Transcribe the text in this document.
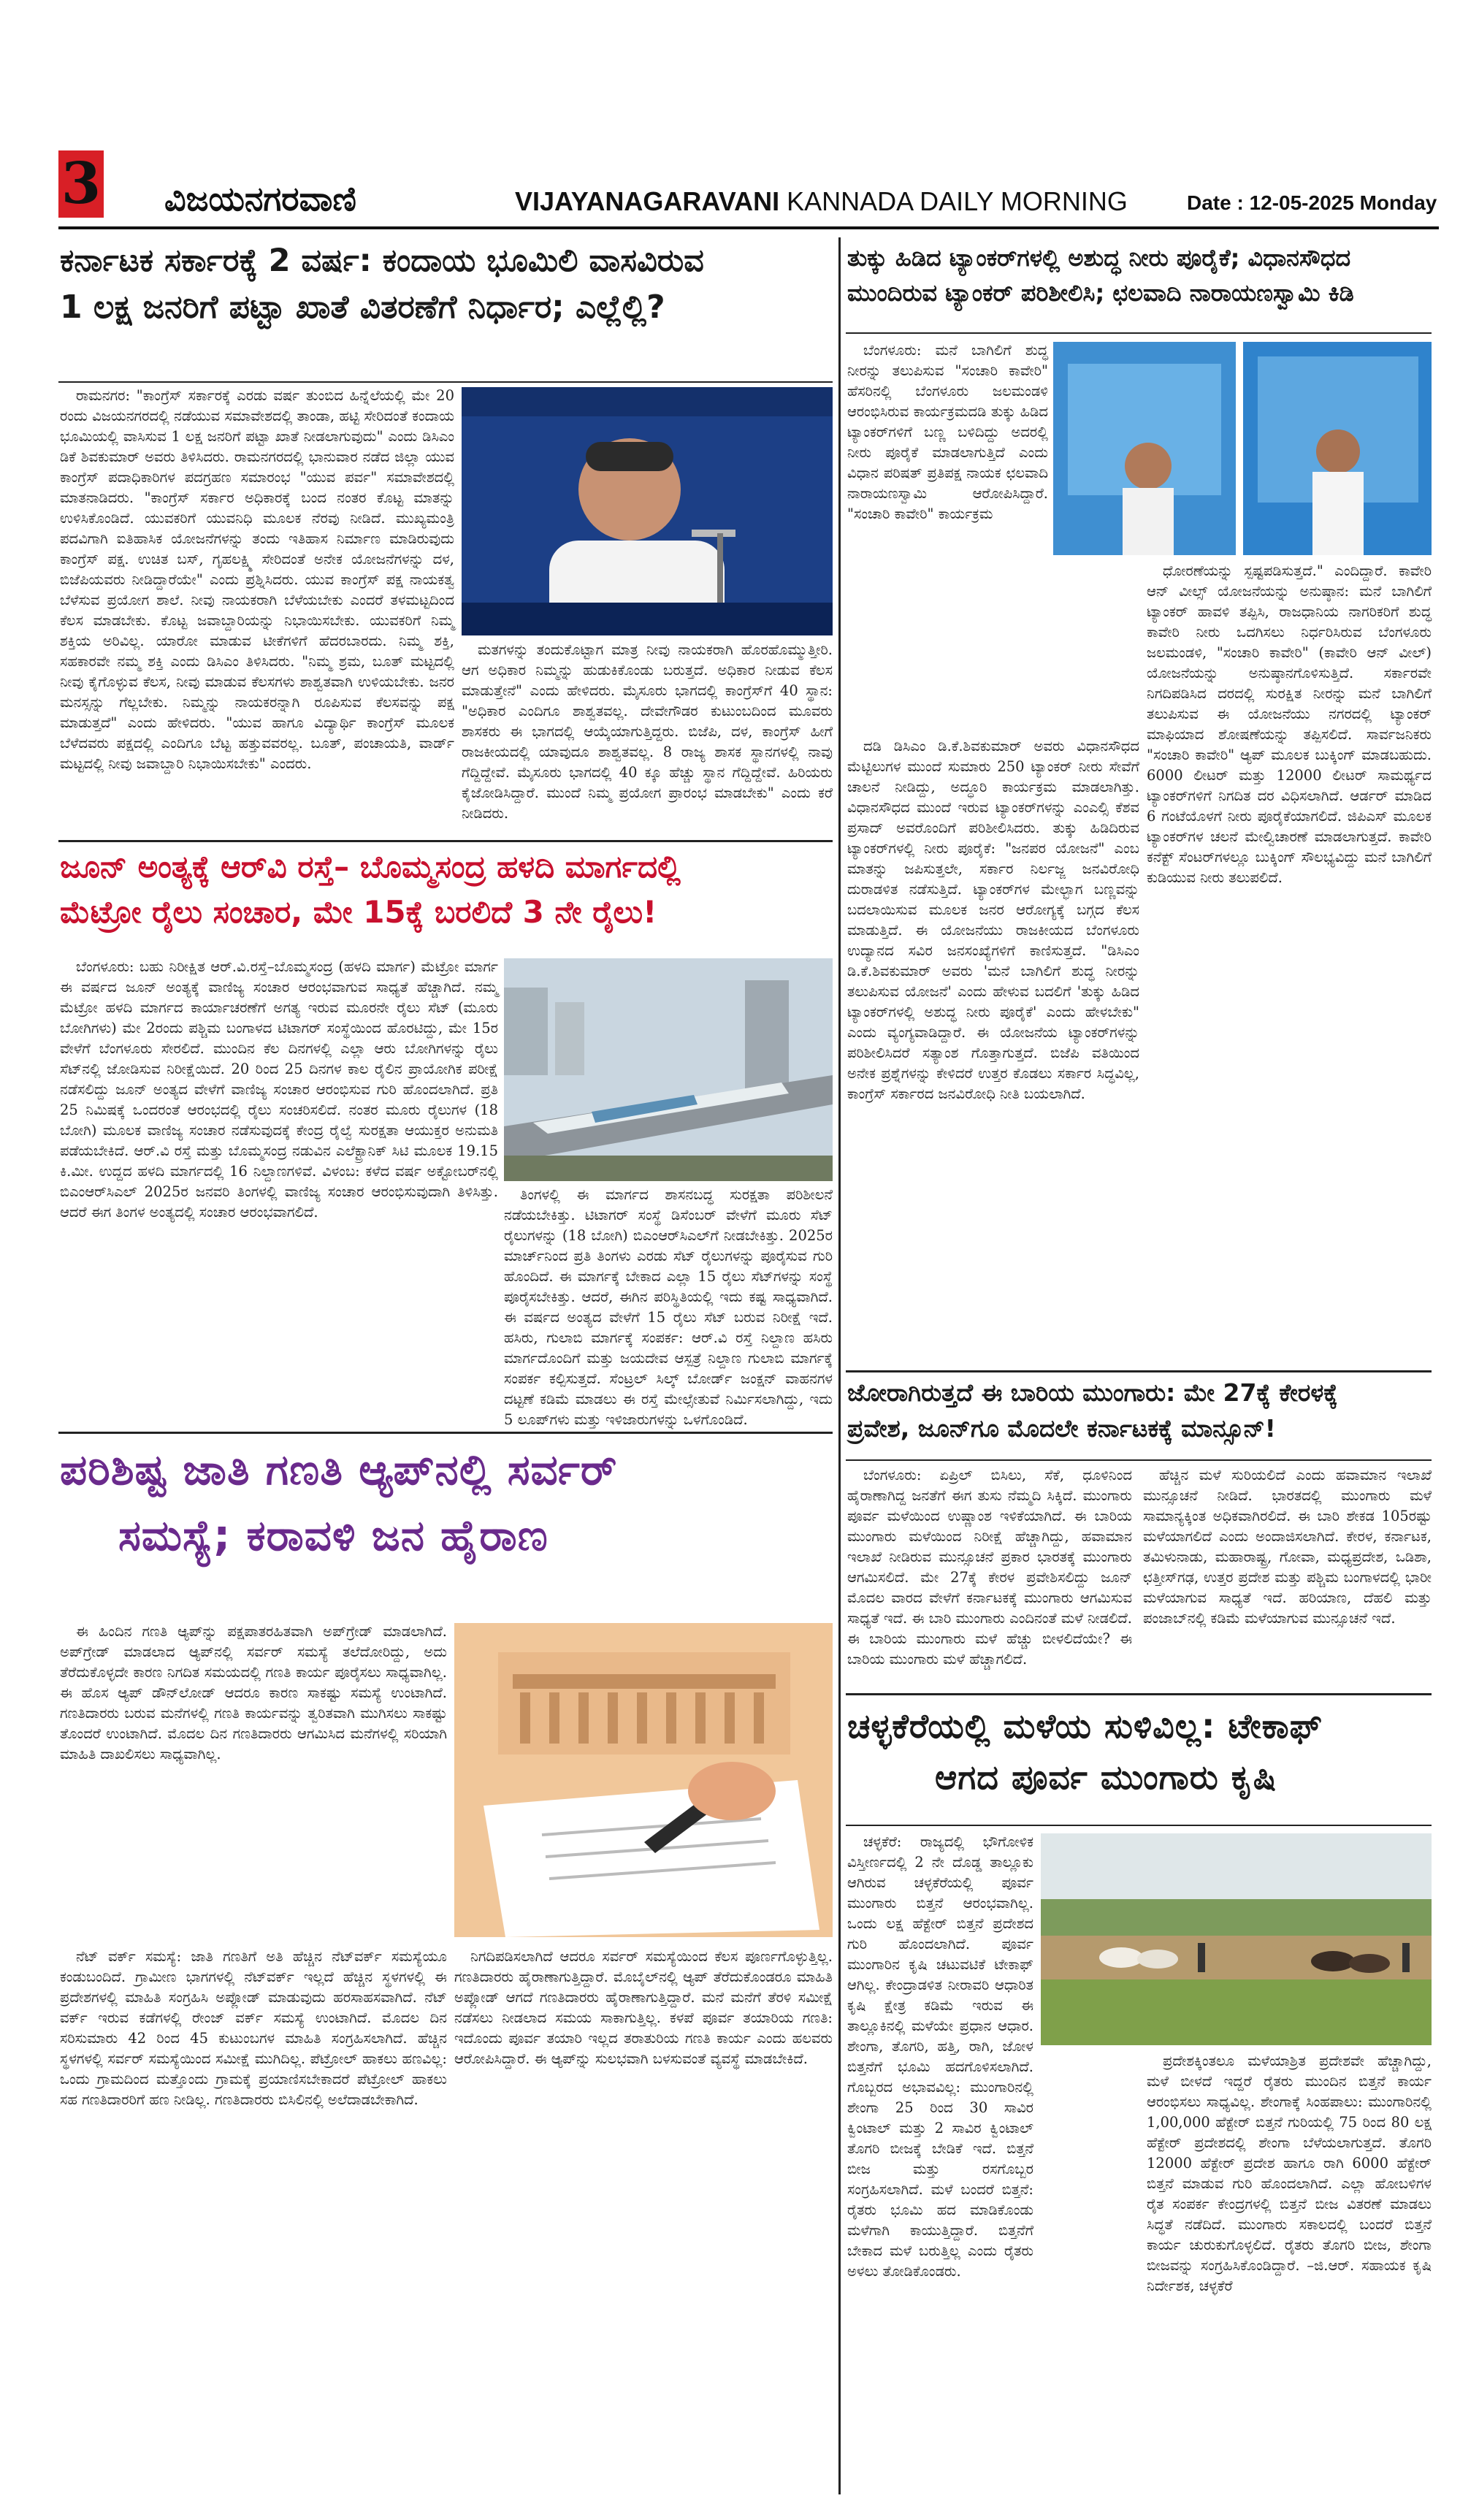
3 ವಿಜಯನಗರವಾಣಿ	VIJAYANAGARAVANI KANNADA DAILY MORNING	Date : 12-05-2025 Monday
ಕರ್ನಾಟಕ ಸರ್ಕಾರಕ್ಕೆ 2 ವರ್ಷ: ಕಂದಾಯ ಭೂಮಿಲಿ ವಾಸವಿರುವ
1 ಲಕ್ಷ ಜನರಿಗೆ ಪಟ್ಟಾ ಖಾತೆ ವಿತರಣೆಗೆ ನಿರ್ಧಾರ; ಎಲ್ಲೆಲ್ಲಿ?

ರಾಮನಗರ: "ಕಾಂಗ್ರೆಸ್ ಸರ್ಕಾರಕ್ಕೆ ಎರಡು ವರ್ಷ ತುಂಬಿದ ಹಿನ್ನೆಲೆಯಲ್ಲಿ ಮೇ 20 ರಂದು ವಿಜಯನಗರದಲ್ಲಿ ನಡೆಯುವ ಸಮಾವೇಶದಲ್ಲಿ ತಾಂಡಾ, ಹಟ್ಟಿ ಸೇರಿದಂತೆ ಕಂದಾಯ ಭೂಮಿಯಲ್ಲಿ ವಾಸಿಸುವ 1 ಲಕ್ಷ ಜನರಿಗೆ ಪಟ್ಟಾ ಖಾತೆ ನೀಡಲಾಗುವುದು" ಎಂದು ಡಿಸಿಎಂ ಡಿಕೆ ಶಿವಕುಮಾರ್ ಅವರು ತಿಳಿಸಿದರು. ರಾಮನಗರದಲ್ಲಿ ಭಾನುವಾರ ನಡೆದ ಜಿಲ್ಲಾ ಯುವ ಕಾಂಗ್ರೆಸ್ ಪದಾಧಿಕಾರಿಗಳ ಪದಗ್ರಹಣ ಸಮಾರಂಭ "ಯುವ ಪರ್ವ" ಸಮಾವೇಶದಲ್ಲಿ ಮಾತನಾಡಿದರು. "ಕಾಂಗ್ರೆಸ್ ಸರ್ಕಾರ ಅಧಿಕಾರಕ್ಕೆ ಬಂದ ನಂತರ ಕೊಟ್ಟ ಮಾತನ್ನು ಉಳಿಸಿಕೊಂಡಿದೆ. ಯುವಕರಿಗೆ ಯುವನಿಧಿ ಮೂಲಕ ನೆರವು ನೀಡಿದೆ. ಮುಖ್ಯಮಂತ್ರಿ ಪದವಿಗಾಗಿ ಐತಿಹಾಸಿಕ ಯೋಜನೆಗಳನ್ನು ತಂದು ಇತಿಹಾಸ ನಿರ್ಮಾಣ ಮಾಡಿರುವುದು ಕಾಂಗ್ರೆಸ್ ಪಕ್ಷ. ಉಚಿತ ಬಸ್, ಗೃಹಲಕ್ಷ್ಮಿ ಸೇರಿದಂತೆ ಅನೇಕ ಯೋಜನೆಗಳನ್ನು ದಳ, ಬಿಜೆಪಿಯವರು ನೀಡಿದ್ದಾರೆಯೇ" ಎಂದು ಪ್ರಶ್ನಿಸಿದರು. ಯುವ ಕಾಂಗ್ರೆಸ್ ಪಕ್ಷ ನಾಯಕತ್ವ ಬೆಳೆಸುವ ಪ್ರಯೋಗ ಶಾಲೆ. ನೀವು ನಾಯಕರಾಗಿ ಬೆಳೆಯಬೇಕು ಎಂದರೆ ತಳಮಟ್ಟದಿಂದ ಕೆಲಸ ಮಾಡಬೇಕು. ಕೊಟ್ಟ ಜವಾಬ್ದಾರಿಯನ್ನು ನಿಭಾಯಿಸಬೇಕು. ಯುವಕರಿಗೆ ನಿಮ್ಮ ಶಕ್ತಿಯ ಅರಿವಿಲ್ಲ. ಯಾರೋ ಮಾಡುವ ಟೀಕೆಗಳಿಗೆ ಹೆದರಬಾರದು. ನಿಮ್ಮ ಶಕ್ತಿ, ಸಹಕಾರವೇ ನಮ್ಮ ಶಕ್ತಿ ಎಂದು ಡಿಸಿಎಂ ತಿಳಿಸಿದರು. "ನಿಮ್ಮ ಶ್ರಮ, ಬೂತ್ ಮಟ್ಟದಲ್ಲಿ ನೀವು ಕೈಗೊಳ್ಳುವ ಕೆಲಸ, ನೀವು ಮಾಡುವ ಕೆಲಸಗಳು ಶಾಶ್ವತವಾಗಿ ಉಳಿಯಬೇಕು. ಜನರ ಮನಸ್ಸನ್ನು ಗೆಲ್ಲಬೇಕು. ನಿಮ್ಮನ್ನು ನಾಯಕರನ್ನಾಗಿ ರೂಪಿಸುವ ಕೆಲಸವನ್ನು ಪಕ್ಷ ಮಾಡುತ್ತದೆ" ಎಂದು ಹೇಳಿದರು. "ಯುವ ಹಾಗೂ ವಿದ್ಯಾರ್ಥಿ ಕಾಂಗ್ರೆಸ್ ಮೂಲಕ ಬೆಳೆದವರು ಪಕ್ಷದಲ್ಲಿ ಎಂದಿಗೂ ಬೆಟ್ಟ ಹತ್ತುವವರಲ್ಲ. ಬೂತ್, ಪಂಚಾಯತಿ, ವಾರ್ಡ್ ಮಟ್ಟದಲ್ಲಿ ನೀವು ಜವಾಬ್ದಾರಿ ನಿಭಾಯಿಸಬೇಕು" ಎಂದರು.

ಮತಗಳನ್ನು ತಂದುಕೊಟ್ಟಾಗ ಮಾತ್ರ ನೀವು ನಾಯಕರಾಗಿ ಹೊರಹೊಮ್ಮುತ್ತೀರಿ. ಆಗ ಅಧಿಕಾರ ನಿಮ್ಮನ್ನು ಹುಡುಕಿಕೊಂಡು ಬರುತ್ತದೆ. ಅಧಿಕಾರ ನೀಡುವ ಕೆಲಸ ಮಾಡುತ್ತೇನೆ" ಎಂದು ಹೇಳಿದರು. ಮೈಸೂರು ಭಾಗದಲ್ಲಿ ಕಾಂಗ್ರೆಸ್‌ಗೆ 40 ಸ್ಥಾನ: "ಅಧಿಕಾರ ಎಂದಿಗೂ ಶಾಶ್ವತವಲ್ಲ. ದೇವೇಗೌಡರ ಕುಟುಂಬದಿಂದ ಮೂವರು ಶಾಸಕರು ಈ ಭಾಗದಲ್ಲಿ ಆಯ್ಕೆಯಾಗುತ್ತಿದ್ದರು. ಬಿಜೆಪಿ, ದಳ, ಕಾಂಗ್ರೆಸ್ ಹೀಗೆ ರಾಜಕೀಯದಲ್ಲಿ ಯಾವುದೂ ಶಾಶ್ವತವಲ್ಲ. 8 ರಾಜ್ಯ ಶಾಸಕ ಸ್ಥಾನಗಳಲ್ಲಿ ನಾವು ಗೆದ್ದಿದ್ದೇವೆ. ಮೈಸೂರು ಭಾಗದಲ್ಲಿ 40 ಕ್ಕೂ ಹೆಚ್ಚು ಸ್ಥಾನ ಗೆದ್ದಿದ್ದೇವೆ. ಹಿರಿಯರು ಕೈಜೋಡಿಸಿದ್ದಾರೆ. ಮುಂದೆ ನಿಮ್ಮ ಪ್ರಯೋಗ ಪ್ರಾರಂಭ ಮಾಡಬೇಕು" ಎಂದು ಕರೆ ನೀಡಿದರು.

ಜೂನ್ ಅಂತ್ಯಕ್ಕೆ ಆರ್‌ವಿ ರಸ್ತೆ– ಬೊಮ್ಮಸಂದ್ರ ಹಳದಿ ಮಾರ್ಗದಲ್ಲಿ
ಮೆಟ್ರೋ ರೈಲು ಸಂಚಾರ, ಮೇ 15ಕ್ಕೆ ಬರಲಿದೆ 3 ನೇ ರೈಲು!

ಬೆಂಗಳೂರು: ಬಹು ನಿರೀಕ್ಷಿತ ಆರ್.ವಿ.ರಸ್ತೆ–ಬೊಮ್ಮಸಂದ್ರ (ಹಳದಿ ಮಾರ್ಗ) ಮೆಟ್ರೋ ಮಾರ್ಗ ಈ ವರ್ಷದ ಜೂನ್ ಅಂತ್ಯಕ್ಕೆ ವಾಣಿಜ್ಯ ಸಂಚಾರ ಆರಂಭವಾಗುವ ಸಾಧ್ಯತೆ ಹೆಚ್ಚಾಗಿದೆ. ನಮ್ಮ ಮೆಟ್ರೋ ಹಳದಿ ಮಾರ್ಗದ ಕಾರ್ಯಾಚರಣೆಗೆ ಅಗತ್ಯ ಇರುವ ಮೂರನೇ ರೈಲು ಸೆಟ್ (ಮೂರು ಬೋಗಿಗಳು) ಮೇ 2ರಂದು ಪಶ್ಚಿಮ ಬಂಗಾಳದ ಟಿಟಾಗರ್ ಸಂಸ್ಥೆಯಿಂದ ಹೊರಟಿದ್ದು, ಮೇ 15ರ ವೇಳೆಗೆ ಬೆಂಗಳೂರು ಸೇರಲಿದೆ. ಮುಂದಿನ ಕೆಲ ದಿನಗಳಲ್ಲಿ ಎಲ್ಲಾ ಆರು ಬೋಗಿಗಳನ್ನು ರೈಲು ಸೆಟ್‌ನಲ್ಲಿ ಜೋಡಿಸುವ ನಿರೀಕ್ಷೆಯಿದೆ. 20 ರಿಂದ 25 ದಿನಗಳ ಕಾಲ ರೈಲಿನ ಪ್ರಾಯೋಗಿಕ ಪರೀಕ್ಷೆ ನಡೆಸಲಿದ್ದು ಜೂನ್ ಅಂತ್ಯದ ವೇಳೆಗೆ ವಾಣಿಜ್ಯ ಸಂಚಾರ ಆರಂಭಿಸುವ ಗುರಿ ಹೊಂದಲಾಗಿದೆ. ಪ್ರತಿ 25 ನಿಮಿಷಕ್ಕೆ ಒಂದರಂತೆ ಆರಂಭದಲ್ಲಿ ರೈಲು ಸಂಚರಿಸಲಿದೆ. ನಂತರ ಮೂರು ರೈಲುಗಳ (18 ಬೋಗಿ) ಮೂಲಕ ವಾಣಿಜ್ಯ ಸಂಚಾರ ನಡೆಸುವುದಕ್ಕೆ ಕೇಂದ್ರ ರೈಲ್ವೆ ಸುರಕ್ಷತಾ ಆಯುಕ್ತರ ಅನುಮತಿ ಪಡೆಯಬೇಕಿದೆ. ಆರ್.ವಿ ರಸ್ತೆ ಮತ್ತು ಬೊಮ್ಮಸಂದ್ರ ನಡುವಿನ ಎಲೆಕ್ಟ್ರಾನಿಕ್ ಸಿಟಿ ಮೂಲಕ 19.15 ಕಿ.ಮೀ. ಉದ್ದದ ಹಳದಿ ಮಾರ್ಗದಲ್ಲಿ 16 ನಿಲ್ದಾಣಗಳಿವೆ. ವಿಳಂಬ: ಕಳೆದ ವರ್ಷ ಅಕ್ಟೋಬರ್‌ನಲ್ಲಿ ಬಿಎಂಆರ್‌ಸಿಎಲ್ 2025ರ ಜನವರಿ ತಿಂಗಳಲ್ಲಿ ವಾಣಿಜ್ಯ ಸಂಚಾರ ಆರಂಭಿಸುವುದಾಗಿ ತಿಳಿಸಿತ್ತು. ಆದರೆ ಈಗ ತಿಂಗಳ ಅಂತ್ಯದಲ್ಲಿ ಸಂಚಾರ ಆರಂಭವಾಗಲಿದೆ.

ತಿಂಗಳಲ್ಲಿ ಈ ಮಾರ್ಗದ ಶಾಸನಬದ್ಧ ಸುರಕ್ಷತಾ ಪರಿಶೀಲನೆ ನಡೆಯಬೇಕಿತ್ತು. ಟಿಟಾಗರ್ ಸಂಸ್ಥೆ ಡಿಸೆಂಬರ್ ವೇಳೆಗೆ ಮೂರು ಸೆಟ್ ರೈಲುಗಳನ್ನು (18 ಬೋಗಿ) ಬಿಎಂಆರ್‌ಸಿಎಲ್‌ಗೆ ನೀಡಬೇಕಿತ್ತು. 2025ರ ಮಾರ್ಚ್‌ನಿಂದ ಪ್ರತಿ ತಿಂಗಳು ಎರಡು ಸೆಟ್ ರೈಲುಗಳನ್ನು ಪೂರೈಸುವ ಗುರಿ ಹೊಂದಿದೆ. ಈ ಮಾರ್ಗಕ್ಕೆ ಬೇಕಾದ ಎಲ್ಲಾ 15 ರೈಲು ಸೆಟ್‌ಗಳನ್ನು ಸಂಸ್ಥೆ ಪೂರೈಸಬೇಕಿತ್ತು. ಆದರೆ, ಈಗಿನ ಪರಿಸ್ಥಿತಿಯಲ್ಲಿ ಇದು ಕಷ್ಟ ಸಾಧ್ಯವಾಗಿದೆ. ಈ ವರ್ಷದ ಅಂತ್ಯದ ವೇಳೆಗೆ 15 ರೈಲು ಸೆಟ್ ಬರುವ ನಿರೀಕ್ಷೆ ಇದೆ. ಹಸಿರು, ಗುಲಾಬಿ ಮಾರ್ಗಕ್ಕೆ ಸಂಪರ್ಕ: ಆರ್.ವಿ ರಸ್ತೆ ನಿಲ್ದಾಣ ಹಸಿರು ಮಾರ್ಗದೊಂದಿಗೆ ಮತ್ತು ಜಯದೇವ ಆಸ್ಪತ್ರೆ ನಿಲ್ದಾಣ ಗುಲಾಬಿ ಮಾರ್ಗಕ್ಕೆ ಸಂಪರ್ಕ ಕಲ್ಪಿಸುತ್ತದೆ. ಸೆಂಟ್ರಲ್ ಸಿಲ್ಕ್ ಬೋರ್ಡ್ ಜಂಕ್ಷನ್ ವಾಹನಗಳ ದಟ್ಟಣೆ ಕಡಿಮೆ ಮಾಡಲು ಈ ರಸ್ತೆ ಮೇಲ್ಸೇತುವೆ ನಿರ್ಮಿಸಲಾಗಿದ್ದು, ಇದು 5 ಲೂಪ್‌ಗಳು ಮತ್ತು ಇಳಿಜಾರುಗಳನ್ನು ಒಳಗೊಂಡಿದೆ.

ಪರಿಶಿಷ್ಟ ಜಾತಿ ಗಣತಿ ಆ್ಯಪ್‌ನಲ್ಲಿ ಸರ್ವರ್
ಸಮಸ್ಯೆ; ಕರಾವಳಿ ಜನ ಹೈರಾಣ

ಈ ಹಿಂದಿನ ಗಣತಿ ಆ್ಯಪ್‌ನ್ನು ಪಕ್ಷಪಾತರಹಿತವಾಗಿ ಅಪ್‌ಗ್ರೇಡ್ ಮಾಡಲಾಗಿದೆ. ಅಪ್‌ಗ್ರೇಡ್ ಮಾಡಲಾದ ಆ್ಯಪ್‌ನಲ್ಲಿ ಸರ್ವರ್ ಸಮಸ್ಯೆ ತಲೆದೋರಿದ್ದು, ಅದು ತೆರೆದುಕೊಳ್ಳದೇ ಕಾರಣ ನಿಗದಿತ ಸಮಯದಲ್ಲಿ ಗಣತಿ ಕಾರ್ಯ ಪೂರೈಸಲು ಸಾಧ್ಯವಾಗಿಲ್ಲ. ಈ ಹೊಸ ಆ್ಯಪ್ ಡೌನ್‌ಲೋಡ್ ಆದರೂ ಕಾರಣ ಸಾಕಷ್ಟು ಸಮಸ್ಯೆ ಉಂಟಾಗಿದೆ. ಗಣತಿದಾರರು ಬರುವ ಮನೆಗಳಲ್ಲಿ ಗಣತಿ ಕಾರ್ಯವನ್ನು ತ್ವರಿತವಾಗಿ ಮುಗಿಸಲು ಸಾಕಷ್ಟು ತೊಂದರೆ ಉಂಟಾಗಿದೆ. ಮೊದಲ ದಿನ ಗಣತಿದಾರರು ಆಗಮಿಸಿದ ಮನೆಗಳಲ್ಲಿ ಸರಿಯಾಗಿ ಮಾಹಿತಿ ದಾಖಲಿಸಲು ಸಾಧ್ಯವಾಗಿಲ್ಲ.

ನೆಟ್ ವರ್ಕ್ ಸಮಸ್ಯೆ: ಜಾತಿ ಗಣತಿಗೆ ಅತಿ ಹೆಚ್ಚಿನ ನೆಟ್‌ವರ್ಕ್ ಸಮಸ್ಯೆಯೂ ಕಂಡುಬಂದಿದೆ. ಗ್ರಾಮೀಣ ಭಾಗಗಳಲ್ಲಿ ನೆಟ್‌ವರ್ಕ್ ಇಲ್ಲದೆ ಹೆಚ್ಚಿನ ಸ್ಥಳಗಳಲ್ಲಿ ಈ ಪ್ರದೇಶಗಳಲ್ಲಿ ಮಾಹಿತಿ ಸಂಗ್ರಹಿಸಿ ಅಪ್ಲೋಡ್ ಮಾಡುವುದು ಹರಸಾಹಸವಾಗಿದೆ. ನೆಟ್ ವರ್ಕ್ ಇರುವ ಕಡೆಗಳಲ್ಲಿ ರೇಂಜ್ ವರ್ಕ್ ಸಮಸ್ಯೆ ಉಂಟಾಗಿದೆ. ಮೊದಲ ದಿನ ಸರಿಸುಮಾರು 42 ರಿಂದ 45 ಕುಟುಂಬಗಳ ಮಾಹಿತಿ ಸಂಗ್ರಹಿಸಲಾಗಿದೆ. ಹೆಚ್ಚಿನ ಸ್ಥಳಗಳಲ್ಲಿ ಸರ್ವರ್ ಸಮಸ್ಯೆಯಿಂದ ಸಮೀಕ್ಷೆ ಮುಗಿದಿಲ್ಲ. ಪೆಟ್ರೋಲ್ ಹಾಕಲು ಹಣವಿಲ್ಲ: ಒಂದು ಗ್ರಾಮದಿಂದ ಮತ್ತೊಂದು ಗ್ರಾಮಕ್ಕೆ ಪ್ರಯಾಣಿಸಬೇಕಾದರೆ ಪೆಟ್ರೋಲ್ ಹಾಕಲು ಸಹ ಗಣತಿದಾರರಿಗೆ ಹಣ ನೀಡಿಲ್ಲ. ಗಣತಿದಾರರು ಬಿಸಿಲಿನಲ್ಲಿ ಅಲೆದಾಡಬೇಕಾಗಿದೆ.

ನಿಗದಿಪಡಿಸಲಾಗಿದೆ ಆದರೂ ಸರ್ವರ್ ಸಮಸ್ಯೆಯಿಂದ ಕೆಲಸ ಪೂರ್ಣಗೊಳ್ಳುತ್ತಿಲ್ಲ. ಗಣತಿದಾರರು ಹೈರಾಣಾಗುತ್ತಿದ್ದಾರೆ. ಮೊಬೈಲ್‌ನಲ್ಲಿ ಆ್ಯಪ್ ತೆರೆದುಕೊಂಡರೂ ಮಾಹಿತಿ ಅಪ್ಲೋಡ್ ಆಗದೆ ಗಣತಿದಾರರು ಹೈರಾಣಾಗುತ್ತಿದ್ದಾರೆ. ಮನೆ ಮನೆಗೆ ತೆರಳಿ ಸಮೀಕ್ಷೆ ನಡೆಸಲು ನೀಡಲಾದ ಸಮಯ ಸಾಕಾಗುತ್ತಿಲ್ಲ. ಕಳಪೆ ಪೂರ್ವ ತಯಾರಿಯ ಗಣತಿ: ಇದೊಂದು ಪೂರ್ವ ತಯಾರಿ ಇಲ್ಲದ ತರಾತುರಿಯ ಗಣತಿ ಕಾರ್ಯ ಎಂದು ಹಲವರು ಆರೋಪಿಸಿದ್ದಾರೆ. ಈ ಆ್ಯಪ್‌ನ್ನು ಸುಲಭವಾಗಿ ಬಳಸುವಂತೆ ವ್ಯವಸ್ಥೆ ಮಾಡಬೇಕಿದೆ.

ತುಕ್ಕು ಹಿಡಿದ ಟ್ಯಾಂಕರ್‌ಗಳಲ್ಲಿ ಅಶುದ್ಧ ನೀರು ಪೂರೈಕೆ; ವಿಧಾನಸೌಧದ
ಮುಂದಿರುವ ಟ್ಯಾಂಕರ್ ಪರಿಶೀಲಿಸಿ; ಛಲವಾದಿ ನಾರಾಯಣಸ್ವಾಮಿ ಕಿಡಿ

ಬೆಂಗಳೂರು: ಮನೆ ಬಾಗಿಲಿಗೆ ಶುದ್ಧ ನೀರನ್ನು ತಲುಪಿಸುವ "ಸಂಚಾರಿ ಕಾವೇರಿ" ಹೆಸರಿನಲ್ಲಿ ಬೆಂಗಳೂರು ಜಲಮಂಡಳಿ ಆರಂಭಿಸಿರುವ ಕಾರ್ಯಕ್ರಮದಡಿ ತುಕ್ಕು ಹಿಡಿದ ಟ್ಯಾಂಕರ್‌ಗಳಿಗೆ ಬಣ್ಣ ಬಳಿದಿದ್ದು ಅದರಲ್ಲಿ ನೀರು ಪೂರೈಕೆ ಮಾಡಲಾಗುತ್ತಿದೆ ಎಂದು ವಿಧಾನ ಪರಿಷತ್ ಪ್ರತಿಪಕ್ಷ ನಾಯಕ ಛಲವಾದಿ ನಾರಾಯಣಸ್ವಾಮಿ ಆರೋಪಿಸಿದ್ದಾರೆ. "ಸಂಚಾರಿ ಕಾವೇರಿ" ಕಾರ್ಯಕ್ರಮ

ದಡಿ ಡಿಸಿಎಂ ಡಿ.ಕೆ.ಶಿವಕುಮಾರ್ ಅವರು ವಿಧಾನಸೌಧದ ಮೆಟ್ಟಿಲುಗಳ ಮುಂದೆ ಸುಮಾರು 250 ಟ್ಯಾಂಕರ್ ನೀರು ಸೇವೆಗೆ ಚಾಲನೆ ನೀಡಿದ್ದು, ಅದ್ಧೂರಿ ಕಾರ್ಯಕ್ರಮ ಮಾಡಲಾಗಿತ್ತು. ವಿಧಾನಸೌಧದ ಮುಂದೆ ಇರುವ ಟ್ಯಾಂಕರ್‌ಗಳನ್ನು ಎಂಎಲ್ಸಿ ಕೆಶವ ಪ್ರಸಾದ್ ಅವರೊಂದಿಗೆ ಪರಿಶೀಲಿಸಿದರು. ತುಕ್ಕು ಹಿಡಿದಿರುವ ಟ್ಯಾಂಕರ್‌ಗಳಲ್ಲಿ ನೀರು ಪೂರೈಕೆ: "ಜನಪರ ಯೋಜನೆ" ಎಂಬ ಮಾತನ್ನು ಜಪಿಸುತ್ತಲೇ, ಸರ್ಕಾರ ನಿರ್ಲಜ್ಜ ಜನವಿರೋಧಿ ದುರಾಡಳಿತ ನಡೆಸುತ್ತಿದೆ. ಟ್ಯಾಂಕರ್‌ಗಳ ಮೇಲ್ಭಾಗ ಬಣ್ಣವನ್ನು ಬದಲಾಯಿಸುವ ಮೂಲಕ ಜನರ ಆರೋಗ್ಯಕ್ಕೆ ಬಗ್ಗದ ಕೆಲಸ ಮಾಡುತ್ತಿದೆ. ಈ ಯೋಜನೆಯು ರಾಜಕೀಯದ ಬೆಂಗಳೂರು ಉದ್ಯಾನದ ಸವಿರ ಜನಸಂಖ್ಯೆಗಳಿಗೆ ಕಾಣಿಸುತ್ತದೆ. "ಡಿಸಿಎಂ ಡಿ.ಕೆ.ಶಿವಕುಮಾರ್ ಅವರು 'ಮನೆ ಬಾಗಿಲಿಗೆ ಶುದ್ಧ ನೀರನ್ನು ತಲುಪಿಸುವ ಯೋಜನೆ' ಎಂದು ಹೇಳುವ ಬದಲಿಗೆ 'ತುಕ್ಕು ಹಿಡಿದ ಟ್ಯಾಂಕರ್‌ಗಳಲ್ಲಿ ಅಶುದ್ಧ ನೀರು ಪೂರೈಕೆ' ಎಂದು ಹೇಳಬೇಕು" ಎಂದು ವ್ಯಂಗ್ಯವಾಡಿದ್ದಾರೆ. ಈ ಯೋಜನೆಯ ಟ್ಯಾಂಕರ್‌ಗಳನ್ನು ಪರಿಶೀಲಿಸಿದರೆ ಸತ್ಯಾಂಶ ಗೊತ್ತಾಗುತ್ತದೆ. ಬಿಜೆಪಿ ವತಿಯಿಂದ ಅನೇಕ ಪ್ರಶ್ನೆಗಳನ್ನು ಕೇಳಿದರೆ ಉತ್ತರ ಕೊಡಲು ಸರ್ಕಾರ ಸಿದ್ಧವಿಲ್ಲ, ಕಾಂಗ್ರೆಸ್ ಸರ್ಕಾರದ ಜನವಿರೋಧಿ ನೀತಿ ಬಯಲಾಗಿದೆ.

ಧೋರಣೆಯನ್ನು ಸ್ಪಷ್ಟಪಡಿಸುತ್ತದೆ." ಎಂದಿದ್ದಾರೆ. ಕಾವೇರಿ ಆನ್ ವೀಲ್ಸ್ ಯೋಜನೆಯನ್ನು ಅನುಷ್ಠಾನ: ಮನೆ ಬಾಗಿಲಿಗೆ ಟ್ಯಾಂಕರ್ ಹಾವಳಿ ತಪ್ಪಿಸಿ, ರಾಜಧಾನಿಯ ನಾಗರಿಕರಿಗೆ ಶುದ್ಧ ಕಾವೇರಿ ನೀರು ಒದಗಿಸಲು ನಿರ್ಧರಿಸಿರುವ ಬೆಂಗಳೂರು ಜಲಮಂಡಳಿ, "ಸಂಚಾರಿ ಕಾವೇರಿ" (ಕಾವೇರಿ ಆನ್ ವೀಲ್) ಯೋಜನೆಯನ್ನು ಅನುಷ್ಠಾನಗೊಳಿಸುತ್ತಿದೆ. ಸರ್ಕಾರವೇ ನಿಗದಿಪಡಿಸಿದ ದರದಲ್ಲಿ ಸುರಕ್ಷಿತ ನೀರನ್ನು ಮನೆ ಬಾಗಿಲಿಗೆ ತಲುಪಿಸುವ ಈ ಯೋಜನೆಯು ನಗರದಲ್ಲಿ ಟ್ಯಾಂಕರ್ ಮಾಫಿಯಾದ ಶೋಷಣೆಯನ್ನು ತಪ್ಪಿಸಲಿದೆ. ಸಾರ್ವಜನಿಕರು "ಸಂಚಾರಿ ಕಾವೇರಿ" ಆ್ಯಪ್ ಮೂಲಕ ಬುಕ್ಕಿಂಗ್ ಮಾಡಬಹುದು. 6000 ಲೀಟರ್ ಮತ್ತು 12000 ಲೀಟರ್ ಸಾಮರ್ಥ್ಯದ ಟ್ಯಾಂಕರ್‌ಗಳಿಗೆ ನಿಗದಿತ ದರ ವಿಧಿಸಲಾಗಿದೆ. ಆರ್ಡರ್ ಮಾಡಿದ 6 ಗಂಟೆಯೊಳಗೆ ನೀರು ಪೂರೈಕೆಯಾಗಲಿದೆ. ಜಿಪಿಎಸ್ ಮೂಲಕ ಟ್ಯಾಂಕರ್‌ಗಳ ಚಲನೆ ಮೇಲ್ವಿಚಾರಣೆ ಮಾಡಲಾಗುತ್ತದೆ. ಕಾವೇರಿ ಕನೆಕ್ಟ್ ಸೆಂಟರ್‌ಗಳಲ್ಲೂ ಬುಕ್ಕಿಂಗ್ ಸೌಲಭ್ಯವಿದ್ದು ಮನೆ ಬಾಗಿಲಿಗೆ ಕುಡಿಯುವ ನೀರು ತಲುಪಲಿದೆ.

ಜೋರಾಗಿರುತ್ತದೆ ಈ ಬಾರಿಯ ಮುಂಗಾರು: ಮೇ 27ಕ್ಕೆ ಕೇರಳಕ್ಕೆ
ಪ್ರವೇಶ, ಜೂನ್‌ಗೂ ಮೊದಲೇ ಕರ್ನಾಟಕಕ್ಕೆ ಮಾನ್ಸೂನ್!

ಬೆಂಗಳೂರು: ಏಪ್ರಿಲ್ ಬಿಸಿಲು, ಸೆಕೆ, ಧೂಳಿನಿಂದ ಹೈರಾಣಾಗಿದ್ದ ಜನತೆಗೆ ಈಗ ತುಸು ನೆಮ್ಮದಿ ಸಿಕ್ಕಿದೆ. ಮುಂಗಾರು ಪೂರ್ವ ಮಳೆಯಿಂದ ಉಷ್ಣಾಂಶ ಇಳಿಕೆಯಾಗಿದೆ. ಈ ಬಾರಿಯ ಮುಂಗಾರು ಮಳೆಯಿಂದ ನಿರೀಕ್ಷೆ ಹೆಚ್ಚಾಗಿದ್ದು, ಹವಾಮಾನ ಇಲಾಖೆ ನೀಡಿರುವ ಮುನ್ಸೂಚನೆ ಪ್ರಕಾರ ಭಾರತಕ್ಕೆ ಮುಂಗಾರು ಆಗಮಿಸಲಿದೆ. ಮೇ 27ಕ್ಕೆ ಕೇರಳ ಪ್ರವೇಶಿಸಲಿದ್ದು ಜೂನ್ ಮೊದಲ ವಾರದ ವೇಳೆಗೆ ಕರ್ನಾಟಕಕ್ಕೆ ಮುಂಗಾರು ಆಗಮಿಸುವ ಸಾಧ್ಯತೆ ಇದೆ. ಈ ಬಾರಿ ಮುಂಗಾರು ಎಂದಿನಂತೆ ಮಳೆ ನೀಡಲಿದೆ. ಈ ಬಾರಿಯ ಮುಂಗಾರು ಮಳೆ ಹೆಚ್ಚು ಬೀಳಲಿದೆಯೇ? ಈ ಬಾರಿಯ ಮುಂಗಾರು ಮಳೆ ಹೆಚ್ಚಾಗಲಿದೆ.

ಹೆಚ್ಚಿನ ಮಳೆ ಸುರಿಯಲಿದೆ ಎಂದು ಹವಾಮಾನ ಇಲಾಖೆ ಮುನ್ಸೂಚನೆ ನೀಡಿದೆ. ಭಾರತದಲ್ಲಿ ಮುಂಗಾರು ಮಳೆ ಸಾಮಾನ್ಯಕ್ಕಿಂತ ಅಧಿಕವಾಗಿರಲಿದೆ. ಈ ಬಾರಿ ಶೇಕಡ 105ರಷ್ಟು ಮಳೆಯಾಗಲಿದೆ ಎಂದು ಅಂದಾಜಿಸಲಾಗಿದೆ. ಕೇರಳ, ಕರ್ನಾಟಕ, ತಮಿಳುನಾಡು, ಮಹಾರಾಷ್ಟ್ರ, ಗೋವಾ, ಮಧ್ಯಪ್ರದೇಶ, ಒಡಿಶಾ, ಛತ್ತೀಸ್‌ಗಢ, ಉತ್ತರ ಪ್ರದೇಶ ಮತ್ತು ಪಶ್ಚಿಮ ಬಂಗಾಳದಲ್ಲಿ ಭಾರೀ ಮಳೆಯಾಗುವ ಸಾಧ್ಯತೆ ಇದೆ. ಹರಿಯಾಣ, ದೆಹಲಿ ಮತ್ತು ಪಂಜಾಬ್‌ನಲ್ಲಿ ಕಡಿಮೆ ಮಳೆಯಾಗುವ ಮುನ್ಸೂಚನೆ ಇದೆ.

ಚಳ್ಳಕೆರೆಯಲ್ಲಿ ಮಳೆಯ ಸುಳಿವಿಲ್ಲ: ಟೇಕಾಫ್
ಆಗದ ಪೂರ್ವ ಮುಂಗಾರು ಕೃಷಿ

ಚಳ್ಳಕೆರೆ: ರಾಜ್ಯದಲ್ಲಿ ಭೌಗೋಳಿಕ ವಿಸ್ತೀರ್ಣದಲ್ಲಿ 2 ನೇ ದೊಡ್ಡ ತಾಲ್ಲೂಕು ಆಗಿರುವ ಚಳ್ಳಕೆರೆಯಲ್ಲಿ ಪೂರ್ವ ಮುಂಗಾರು ಬಿತ್ತನೆ ಆರಂಭವಾಗಿಲ್ಲ. ಒಂದು ಲಕ್ಷ ಹೆಕ್ಟೇರ್ ಬಿತ್ತನೆ ಪ್ರದೇಶದ ಗುರಿ ಹೊಂದಲಾಗಿದೆ. ಪೂರ್ವ ಮುಂಗಾರಿನ ಕೃಷಿ ಚಟುವಟಿಕೆ ಟೇಕಾಫ್ ಆಗಿಲ್ಲ. ಕೇಂದ್ರಾಡಳಿತ ನೀರಾವರಿ ಆಧಾರಿತ ಕೃಷಿ ಕ್ಷೇತ್ರ ಕಡಿಮೆ ಇರುವ ಈ ತಾಲ್ಲೂಕಿನಲ್ಲಿ ಮಳೆಯೇ ಪ್ರಧಾನ ಆಧಾರ. ಶೇಂಗಾ, ತೊಗರಿ, ಹತ್ತಿ, ರಾಗಿ, ಜೋಳ ಬಿತ್ತನೆಗೆ ಭೂಮಿ ಹದಗೊಳಿಸಲಾಗಿದೆ. ಗೊಬ್ಬರದ ಅಭಾವವಿಲ್ಲ: ಮುಂಗಾರಿನಲ್ಲಿ ಶೇಂಗಾ 25 ರಿಂದ 30 ಸಾವಿರ ಕ್ವಿಂಟಾಲ್ ಮತ್ತು 2 ಸಾವಿರ ಕ್ವಿಂಟಾಲ್ ತೊಗರಿ ಬೀಜಕ್ಕೆ ಬೇಡಿಕೆ ಇದೆ. ಬಿತ್ತನೆ ಬೀಜ ಮತ್ತು ರಸಗೊಬ್ಬರ ಸಂಗ್ರಹಿಸಲಾಗಿದೆ. ಮಳೆ ಬಂದರೆ ಬಿತ್ತನೆ: ರೈತರು ಭೂಮಿ ಹದ ಮಾಡಿಕೊಂಡು ಮಳೆಗಾಗಿ ಕಾಯುತ್ತಿದ್ದಾರೆ. ಬಿತ್ತನೆಗೆ ಬೇಕಾದ ಮಳೆ ಬರುತ್ತಿಲ್ಲ ಎಂದು ರೈತರು ಅಳಲು ತೋಡಿಕೊಂಡರು.

ಪ್ರದೇಶಕ್ಕಿಂತಲೂ ಮಳೆಯಾಶ್ರಿತ ಪ್ರದೇಶವೇ ಹೆಚ್ಚಾಗಿದ್ದು, ಮಳೆ ಬೀಳದೆ ಇದ್ದರೆ ರೈತರು ಮುಂದಿನ ಬಿತ್ತನೆ ಕಾರ್ಯ ಆರಂಭಿಸಲು ಸಾಧ್ಯವಿಲ್ಲ. ಶೇಂಗಾಕ್ಕೆ ಸಿಂಹಪಾಲು: ಮುಂಗಾರಿನಲ್ಲಿ 1,00,000 ಹೆಕ್ಟೇರ್ ಬಿತ್ತನೆ ಗುರಿಯಲ್ಲಿ 75 ರಿಂದ 80 ಲಕ್ಷ ಹೆಕ್ಟೇರ್ ಪ್ರದೇಶದಲ್ಲಿ ಶೇಂಗಾ ಬೆಳೆಯಲಾಗುತ್ತದೆ. ತೊಗರಿ 12000 ಹೆಕ್ಟೇರ್ ಪ್ರದೇಶ ಹಾಗೂ ರಾಗಿ 6000 ಹೆಕ್ಟೇರ್ ಬಿತ್ತನೆ ಮಾಡುವ ಗುರಿ ಹೊಂದಲಾಗಿದೆ. ಎಲ್ಲಾ ಹೋಬಳಿಗಳ ರೈತ ಸಂಪರ್ಕ ಕೇಂದ್ರಗಳಲ್ಲಿ ಬಿತ್ತನೆ ಬೀಜ ವಿತರಣೆ ಮಾಡಲು ಸಿದ್ಧತೆ ನಡೆದಿದೆ. ಮುಂಗಾರು ಸಕಾಲದಲ್ಲಿ ಬಂದರೆ ಬಿತ್ತನೆ ಕಾರ್ಯ ಚುರುಕುಗೊಳ್ಳಲಿದೆ. ರೈತರು ತೊಗರಿ ಬೀಜ, ಶೇಂಗಾ ಬೀಜವನ್ನು ಸಂಗ್ರಹಿಸಿಕೊಂಡಿದ್ದಾರೆ. –ಜಿ.ಆರ್. ಸಹಾಯಕ ಕೃಷಿ ನಿರ್ದೇಶಕ, ಚಳ್ಳಕೆರೆ
